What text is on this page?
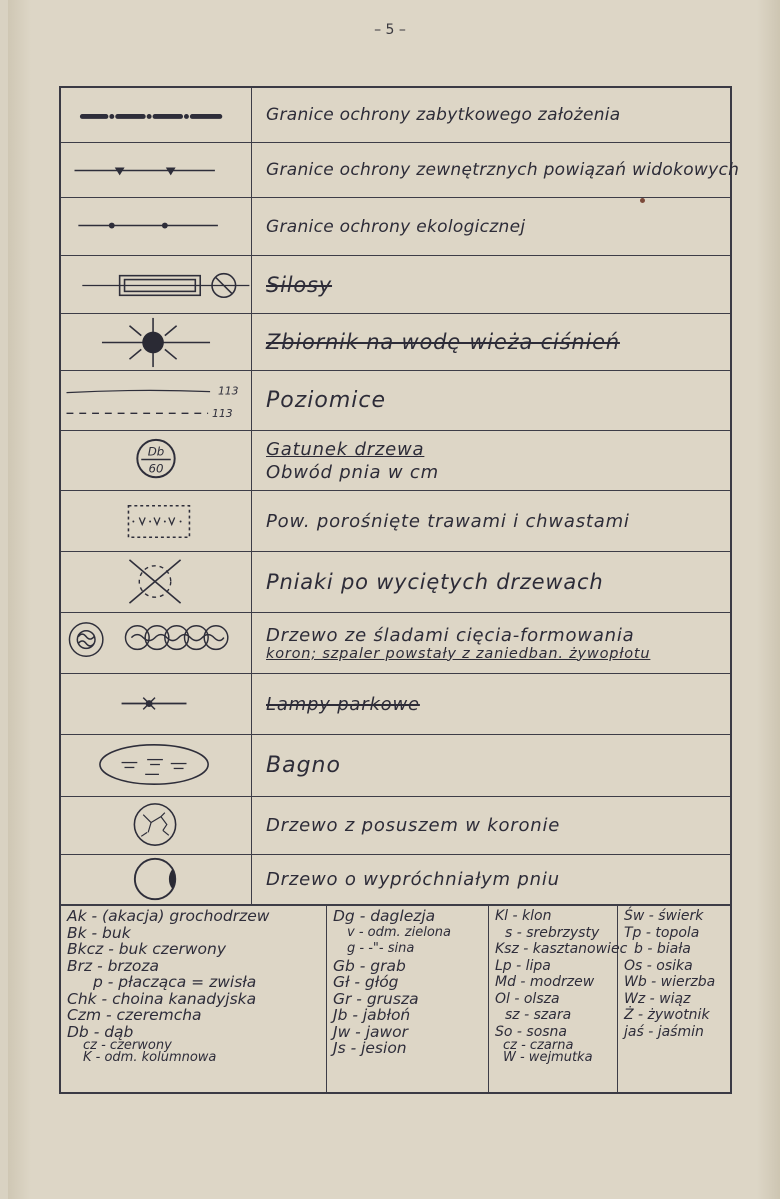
– 5 –
Granice ochrony zabytkowego założenia
Granice ochrony zewnętrznych powiązań widokowych
Granice ochrony ekologicznej
Silosy
Zbiornik na wodę-wieża ciśnień
113
113
Poziomice
Db
60
Gatunek drzewa
Obwód pnia w cm
Pow. porośnięte trawami i chwastami
Pniaki po wyciętych drzewach
Drzewo ze śladami cięcia-formowania
koron; szpaler powstały z zaniedban. żywopłotu
Lampy parkowe
Bagno
Drzewo z posuszem w koronie
Drzewo o wypróchniałym pniu
Ak - (akacja) grochodrzew
Bk - buk
Bkcz - buk czerwony
Brz - brzoza
p - płacząca = zwisła
Chk - choina kanadyjska
Czm - czeremcha
Db - dąb
cz - czerwony
K - odm. kolumnowa
Dg - daglezja
v - odm. zielona
g - -"- sina
Gb - grab
Gł - głóg
Gr - grusza
Jb - jabłoń
Jw - jawor
Js - jesion
Kl - klon
s - srebrzysty
Ksz - kasztanowiec
Lp - lipa
Md - modrzew
Ol - olsza
sz - szara
So - sosna
cz - czarna
W - wejmutka
Św - świerk
Tp - topola
b - biała
Os - osika
Wb - wierzba
Wz - wiąz
Ż - żywotnik
jaś - jaśmin
